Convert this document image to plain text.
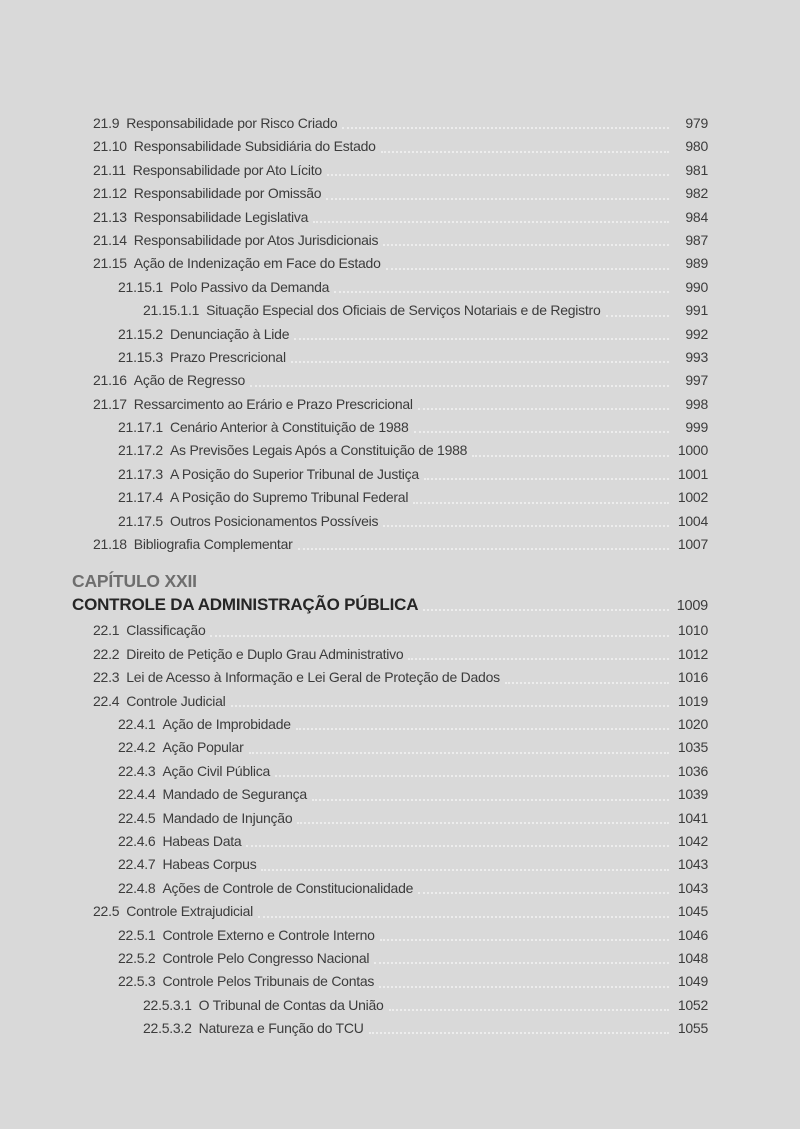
21.9 Responsabilidade por Risco Criado	979
21.10 Responsabilidade Subsidiária do Estado	980
21.11 Responsabilidade por Ato Lícito	981
21.12 Responsabilidade por Omissão	982
21.13 Responsabilidade Legislativa	984
21.14 Responsabilidade por Atos Jurisdicionais	987
21.15 Ação de Indenização em Face do Estado	989
21.15.1 Polo Passivo da Demanda	990
21.15.1.1 Situação Especial dos Oficiais de Serviços Notariais e de Registro	991
21.15.2 Denunciação à Lide	992
21.15.3 Prazo Prescricional	993
21.16 Ação de Regresso	997
21.17 Ressarcimento ao Erário e Prazo Prescricional	998
21.17.1 Cenário Anterior à Constituição de 1988	999
21.17.2 As Previsões Legais Após a Constituição de 1988	1000
21.17.3 A Posição do Superior Tribunal de Justiça	1001
21.17.4 A Posição do Supremo Tribunal Federal	1002
21.17.5 Outros Posicionamentos Possíveis	1004
21.18 Bibliografia Complementar	1007
CAPÍTULO XXII
CONTROLE DA ADMINISTRAÇÃO PÚBLICA	1009
22.1 Classificação	1010
22.2 Direito de Petição e Duplo Grau Administrativo	1012
22.3 Lei de Acesso à Informação e Lei Geral de Proteção de Dados	1016
22.4 Controle Judicial	1019
22.4.1 Ação de Improbidade	1020
22.4.2 Ação Popular	1035
22.4.3 Ação Civil Pública	1036
22.4.4 Mandado de Segurança	1039
22.4.5 Mandado de Injunção	1041
22.4.6 Habeas Data	1042
22.4.7 Habeas Corpus	1043
22.4.8 Ações de Controle de Constitucionalidade	1043
22.5 Controle Extrajudicial	1045
22.5.1 Controle Externo e Controle Interno	1046
22.5.2 Controle Pelo Congresso Nacional	1048
22.5.3 Controle Pelos Tribunais de Contas	1049
22.5.3.1 O Tribunal de Contas da União	1052
22.5.3.2 Natureza e Função do TCU	1055
